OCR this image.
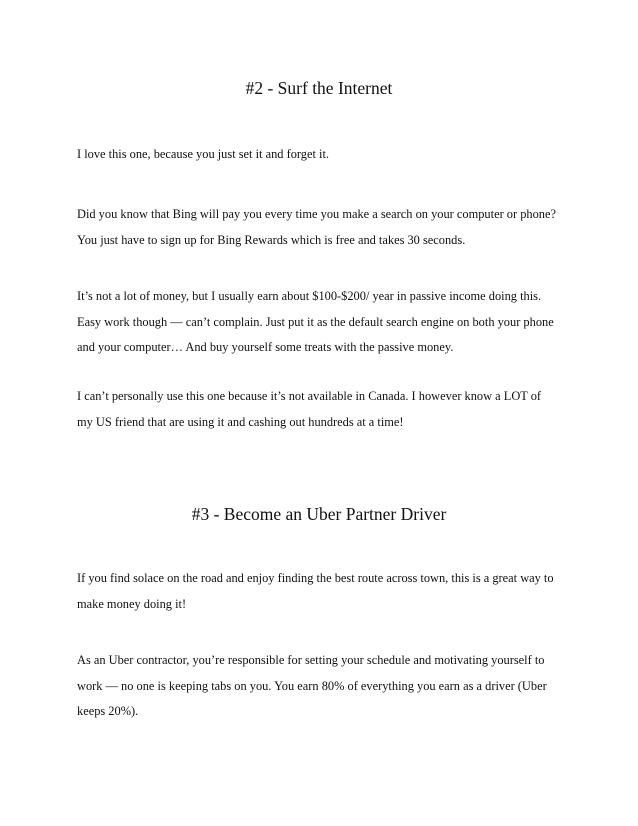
#2 - Surf the Internet

I love this one, because you just set it and forget it.

Did you know that Bing will pay you every time you make a search on your computer or phone?
You just have to sign up for Bing Rewards which is free and takes 30 seconds.

It’s not a lot of money, but I usually earn about $100-$200/ year in passive income doing this.
Easy work though — can’t complain. Just put it as the default search engine on both your phone
and your computer… And buy yourself some treats with the passive money.

I can’t personally use this one because it’s not available in Canada. I however know a LOT of
my US friend that are using it and cashing out hundreds at a time!

#3 - Become an Uber Partner Driver

If you find solace on the road and enjoy finding the best route across town, this is a great way to
make money doing it!

As an Uber contractor, you’re responsible for setting your schedule and motivating yourself to
work — no one is keeping tabs on you. You earn 80% of everything you earn as a driver (Uber
keeps 20%).
